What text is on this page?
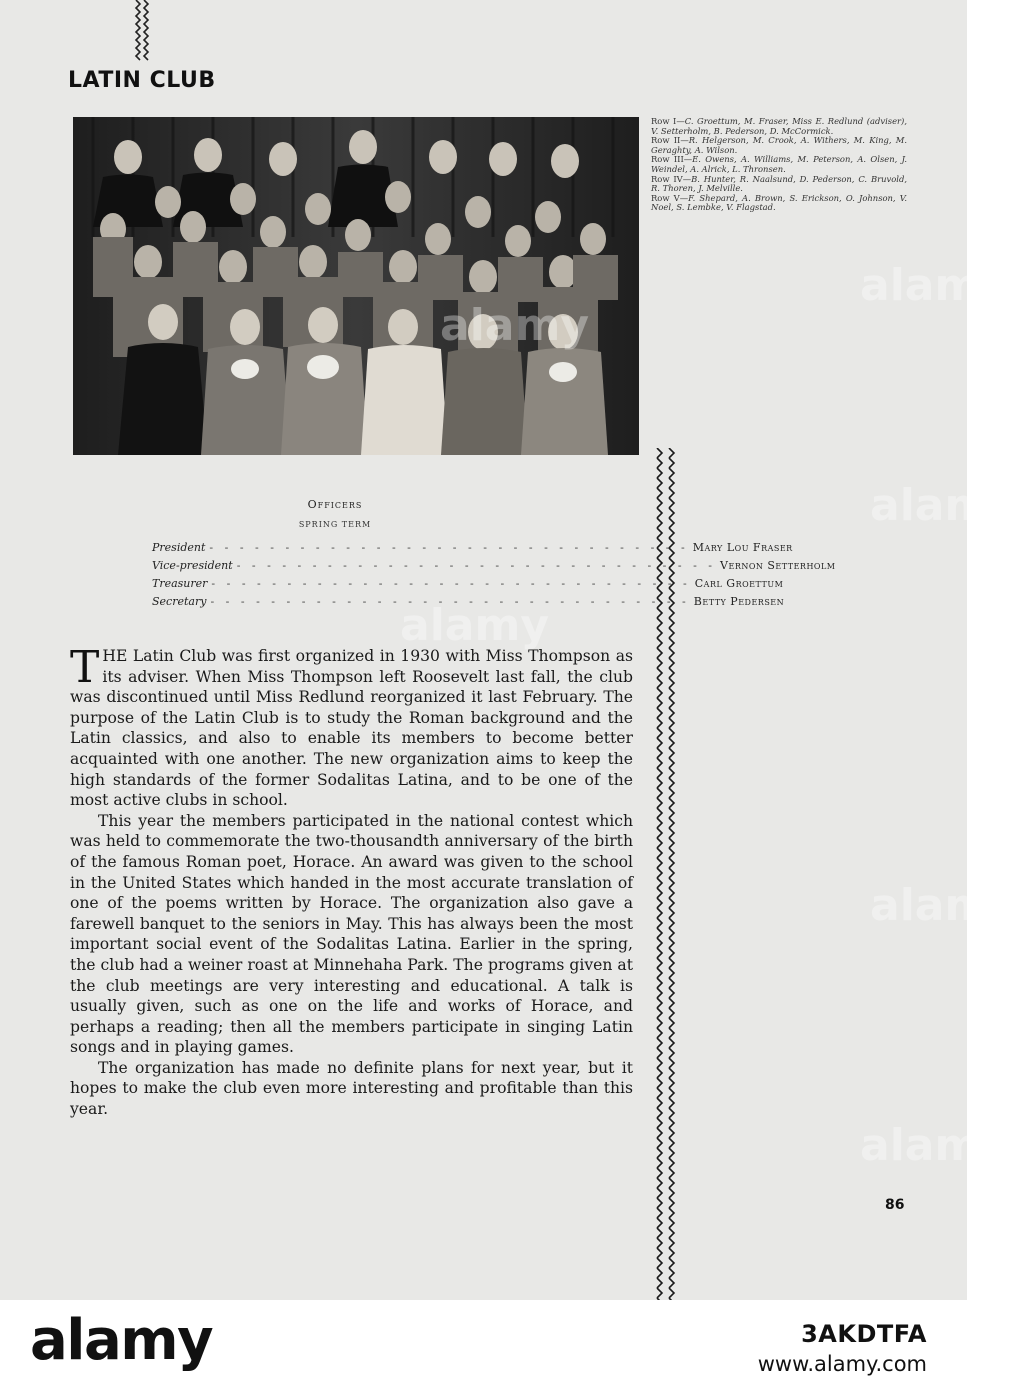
LATIN CLUB

Row I—C. Groettum, M. Fraser, Miss E. Redlund (adviser), V. Setterholm, B. Pederson, D. McCormick.

Row II—R. Helgerson, M. Crook, A. Withers, M. King, M. Geraghty, A. Wilson.

Row III—E. Owens, A. Williams, M. Peterson, A. Olsen, J. Weindel, A. Alrick, L. Thronsen.

Row IV—B. Hunter, R. Naalsund, D. Pederson, C. Bruvold, R. Thoren, J. Melville.

Row V—F. Shepard, A. Brown, S. Erickson, O. Johnson, V. Noel, S. Lembke, V. Flagstad.

Officers
SPRING TERM
President - - - - - - - - - - - - - - - - - - - - - - - - - - - - - - - - Mary Lou Fraser
Vice-president - - - - - - - - - - - - - - - - - - - - - - - - - - - - - - - - Vernon Setterholm
Treasurer - - - - - - - - - - - - - - - - - - - - - - - - - - - - - - - - Carl Groettum
Secretary - - - - - - - - - - - - - - - - - - - - - - - - - - - - - - - - Betty Pedersen

THE Latin Club was first organized in 1930 with Miss Thompson as its adviser. When Miss Thompson left Roosevelt last fall, the club was discontinued until Miss Redlund reorganized it last February. The purpose of the Latin Club is to study the Roman background and the Latin classics, and also to enable its members to become better acquainted with one another. The new organization aims to keep the high standards of the former Sodalitas Latina, and to be one of the most active clubs in school.

This year the members participated in the national contest which was held to commemorate the two-thousandth anniversary of the birth of the famous Roman poet, Horace. An award was given to the school in the United States which handed in the most accurate translation of one of the poems written by Horace. The organization also gave a farewell banquet to the seniors in May. This has always been the most important social event of the Sodalitas Latina. Earlier in the spring, the club had a weiner roast at Minnehaha Park. The programs given at the club meetings are very interesting and educational. A talk is usually given, such as one on the life and works of Horace, and perhaps a reading; then all the members participate in singing Latin songs and in playing games.

The organization has made no definite plans for next year, but it hopes to make the club even more interesting and profitable than this year.

86
alamy
alamy
alamy
alamy
alamy
alamy
alamy	3AKDTFA
www.alamy.com
